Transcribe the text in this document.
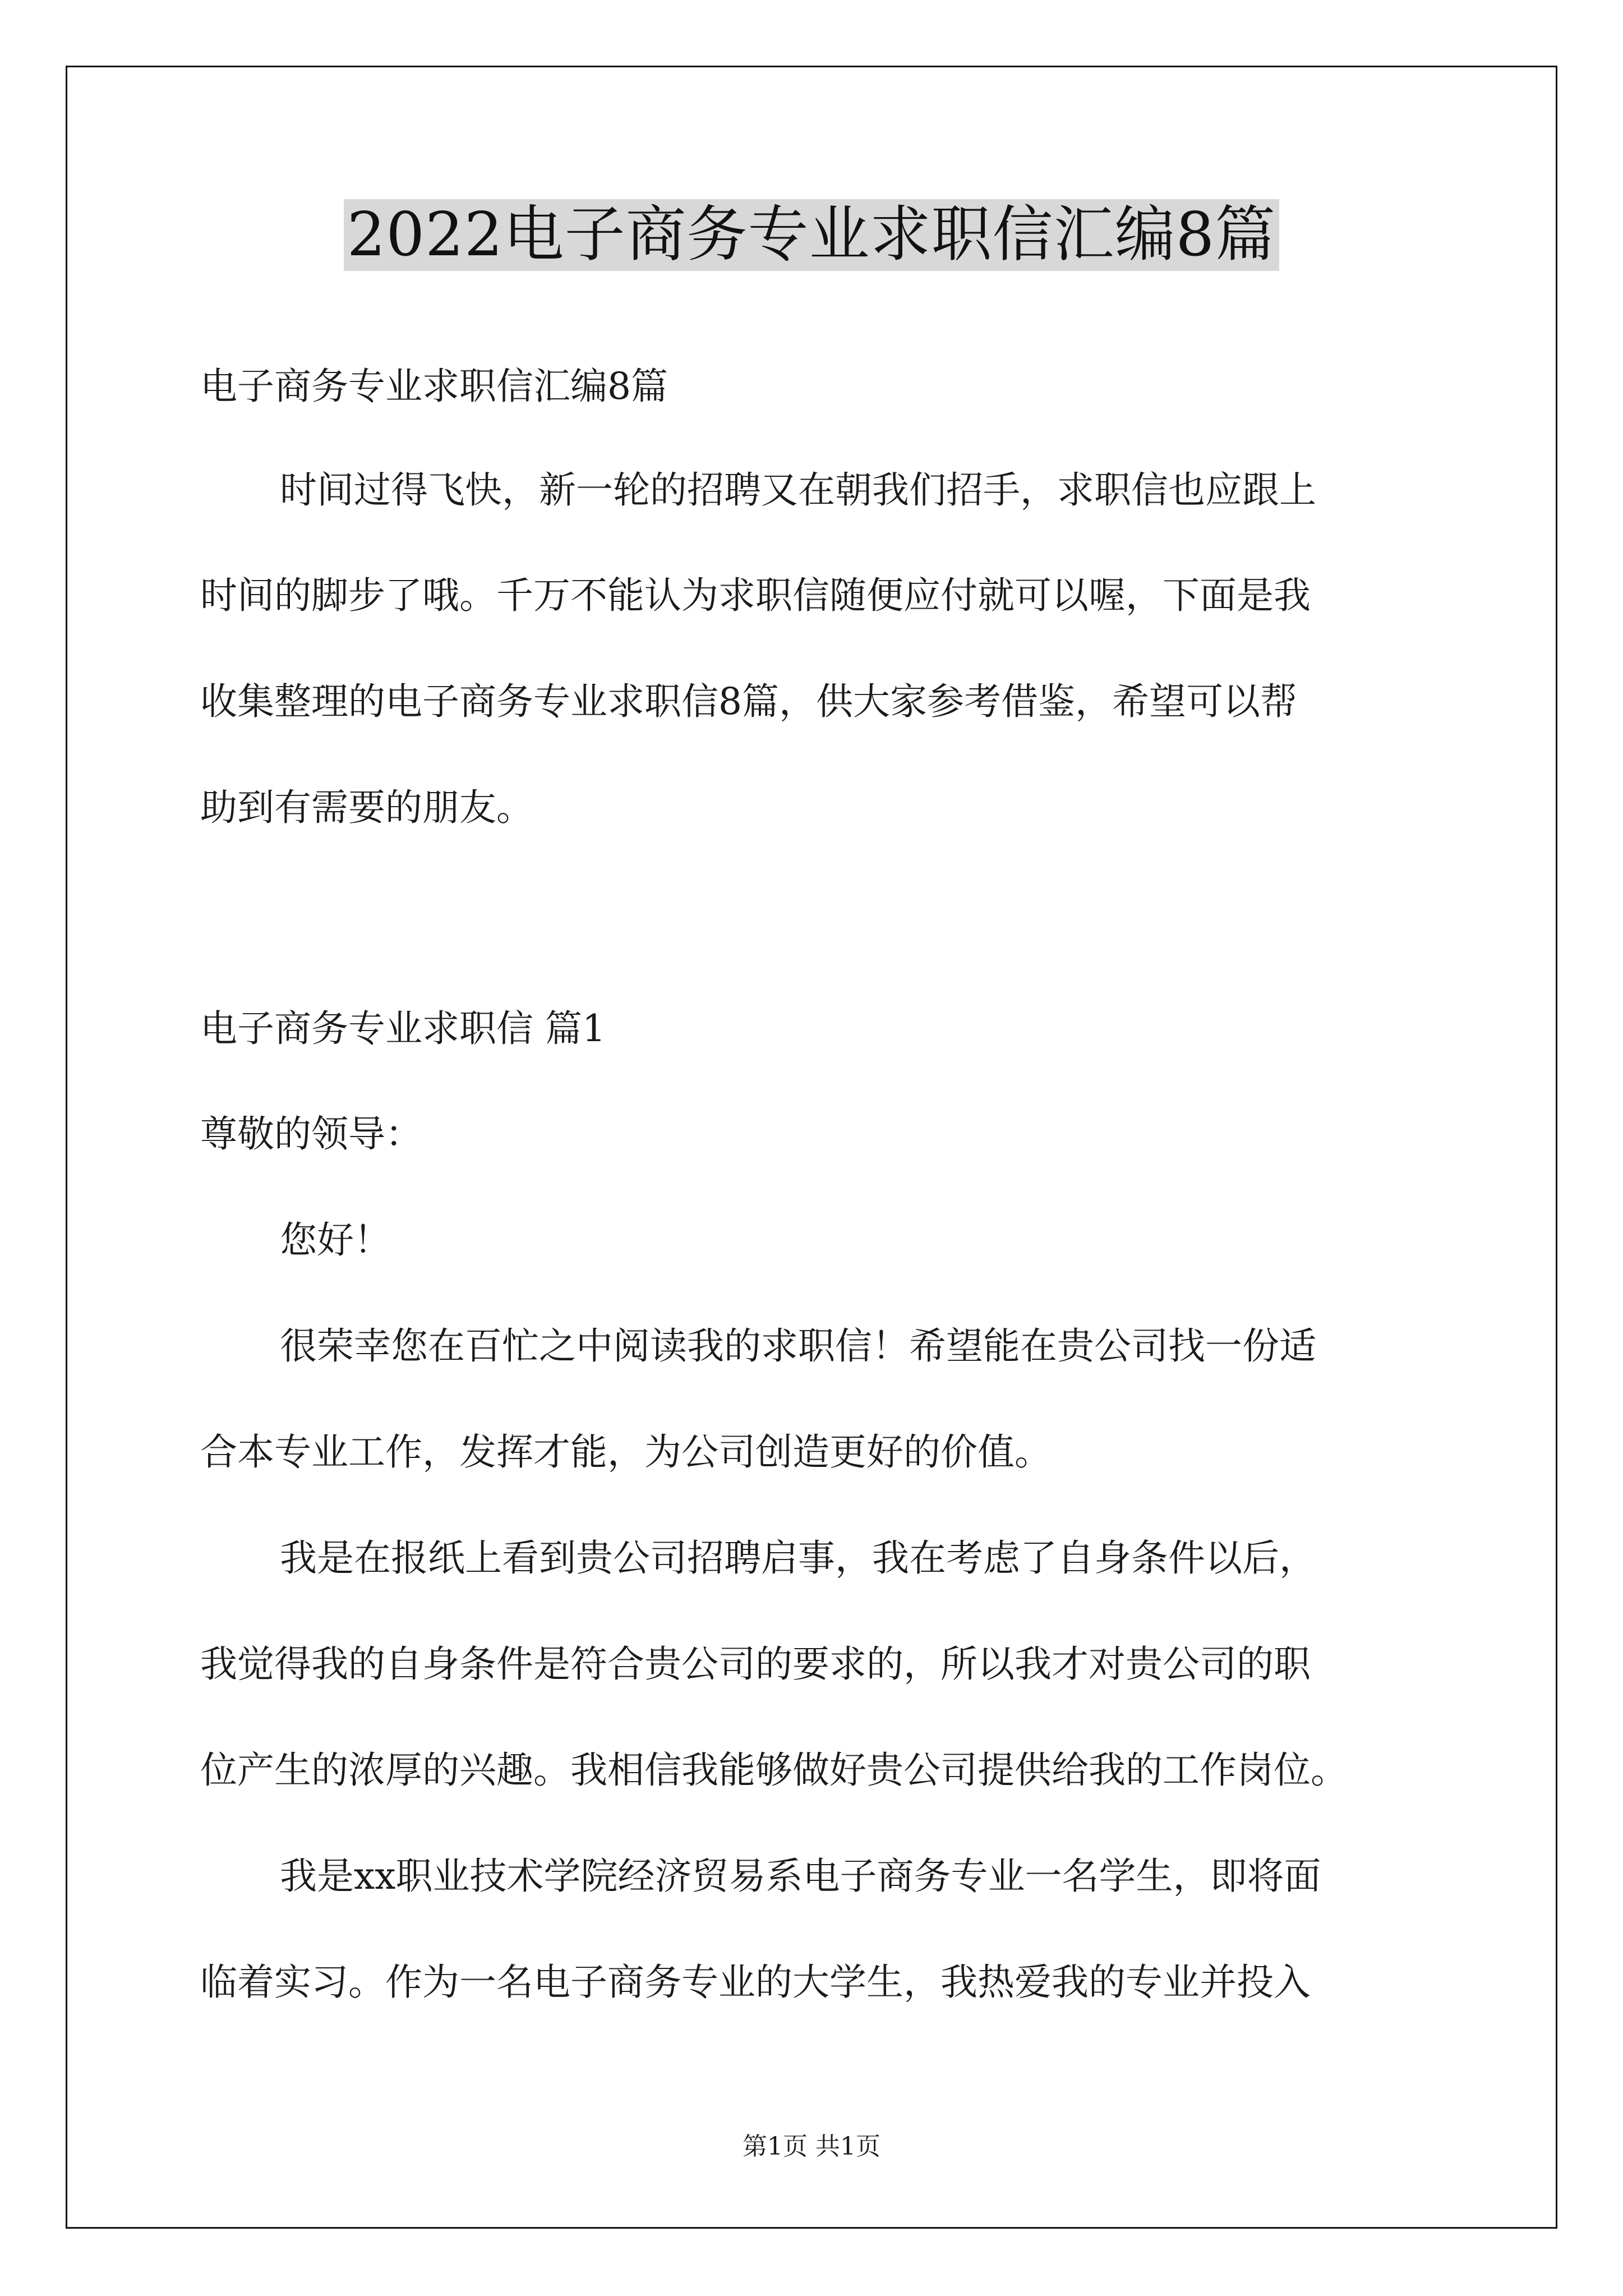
2022电子商务专业求职信汇编8篇
电子商务专业求职信汇编8篇
时间过得飞快，新一轮的招聘又在朝我们招手，求职信也应跟上
时间的脚步了哦。千万不能认为求职信随便应付就可以喔，下面是我
收集整理的电子商务专业求职信8篇，供大家参考借鉴，希望可以帮
助到有需要的朋友。
电子商务专业求职信 篇1
尊敬的领导：
您好！
很荣幸您在百忙之中阅读我的求职信！希望能在贵公司找一份适
合本专业工作，发挥才能，为公司创造更好的价值。
我是在报纸上看到贵公司招聘启事，我在考虑了自身条件以后，
我觉得我的自身条件是符合贵公司的要求的，所以我才对贵公司的职
位产生的浓厚的兴趣。我相信我能够做好贵公司提供给我的工作岗位。
我是xx职业技术学院经济贸易系电子商务专业一名学生，即将面
临着实习。作为一名电子商务专业的大学生，我热爱我的专业并投入
第1页 共1页
